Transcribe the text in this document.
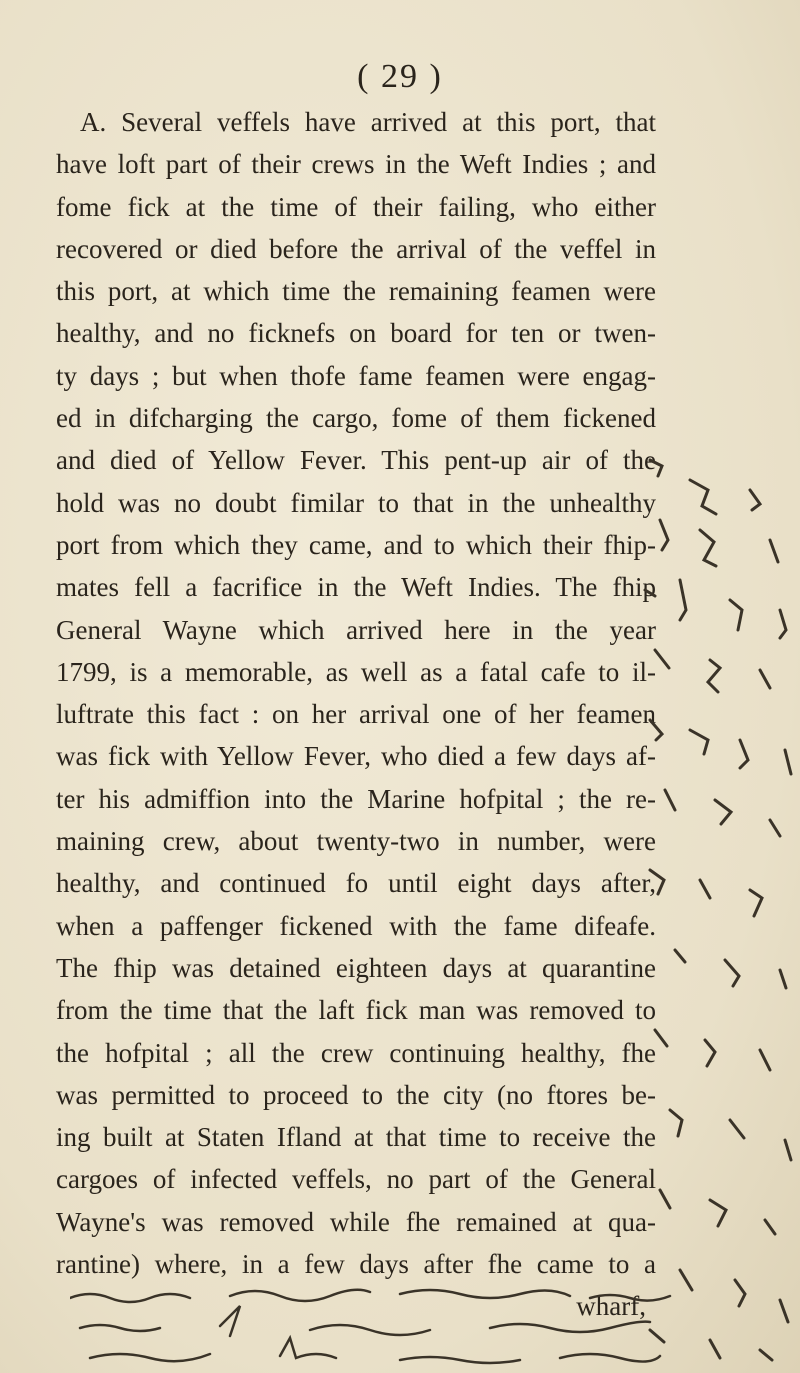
( 29 )
A. Several veffels have arrived at this port, that
have loft part of their crews in the Weft Indies ; and
fome fick at the time of their failing, who either
recovered or died before the arrival of the veffel in
this port, at which time the remaining feamen were
healthy, and no ficknefs on board for ten or twen-
ty days ; but when thofe fame feamen were engag-
ed in difcharging the cargo, fome of them fickened
and died of Yellow Fever. This pent-up air of the
hold was no doubt fimilar to that in the unhealthy
port from which they came, and to which their fhip-
mates fell a facrifice in the Weft Indies. The fhip
General Wayne which arrived here in the year
1799, is a memorable, as well as a fatal cafe to il-
luftrate this fact : on her arrival one of her feamen
was fick with Yellow Fever, who died a few days af-
ter his admiffion into the Marine hofpital ; the re-
maining crew, about twenty-two in number, were
healthy, and continued fo until eight days after,
when a paffenger fickened with the fame difeafe.
The fhip was detained eighteen days at quarantine
from the time that the laft fick man was removed to
the hofpital ; all the crew continuing healthy, fhe
was permitted to proceed to the city (no ftores be-
ing built at Staten Ifland at that time to receive the
cargoes of infected veffels, no part of the General
Wayne's was removed while fhe remained at qua-
rantine) where, in a few days after fhe came to a
wharf,
